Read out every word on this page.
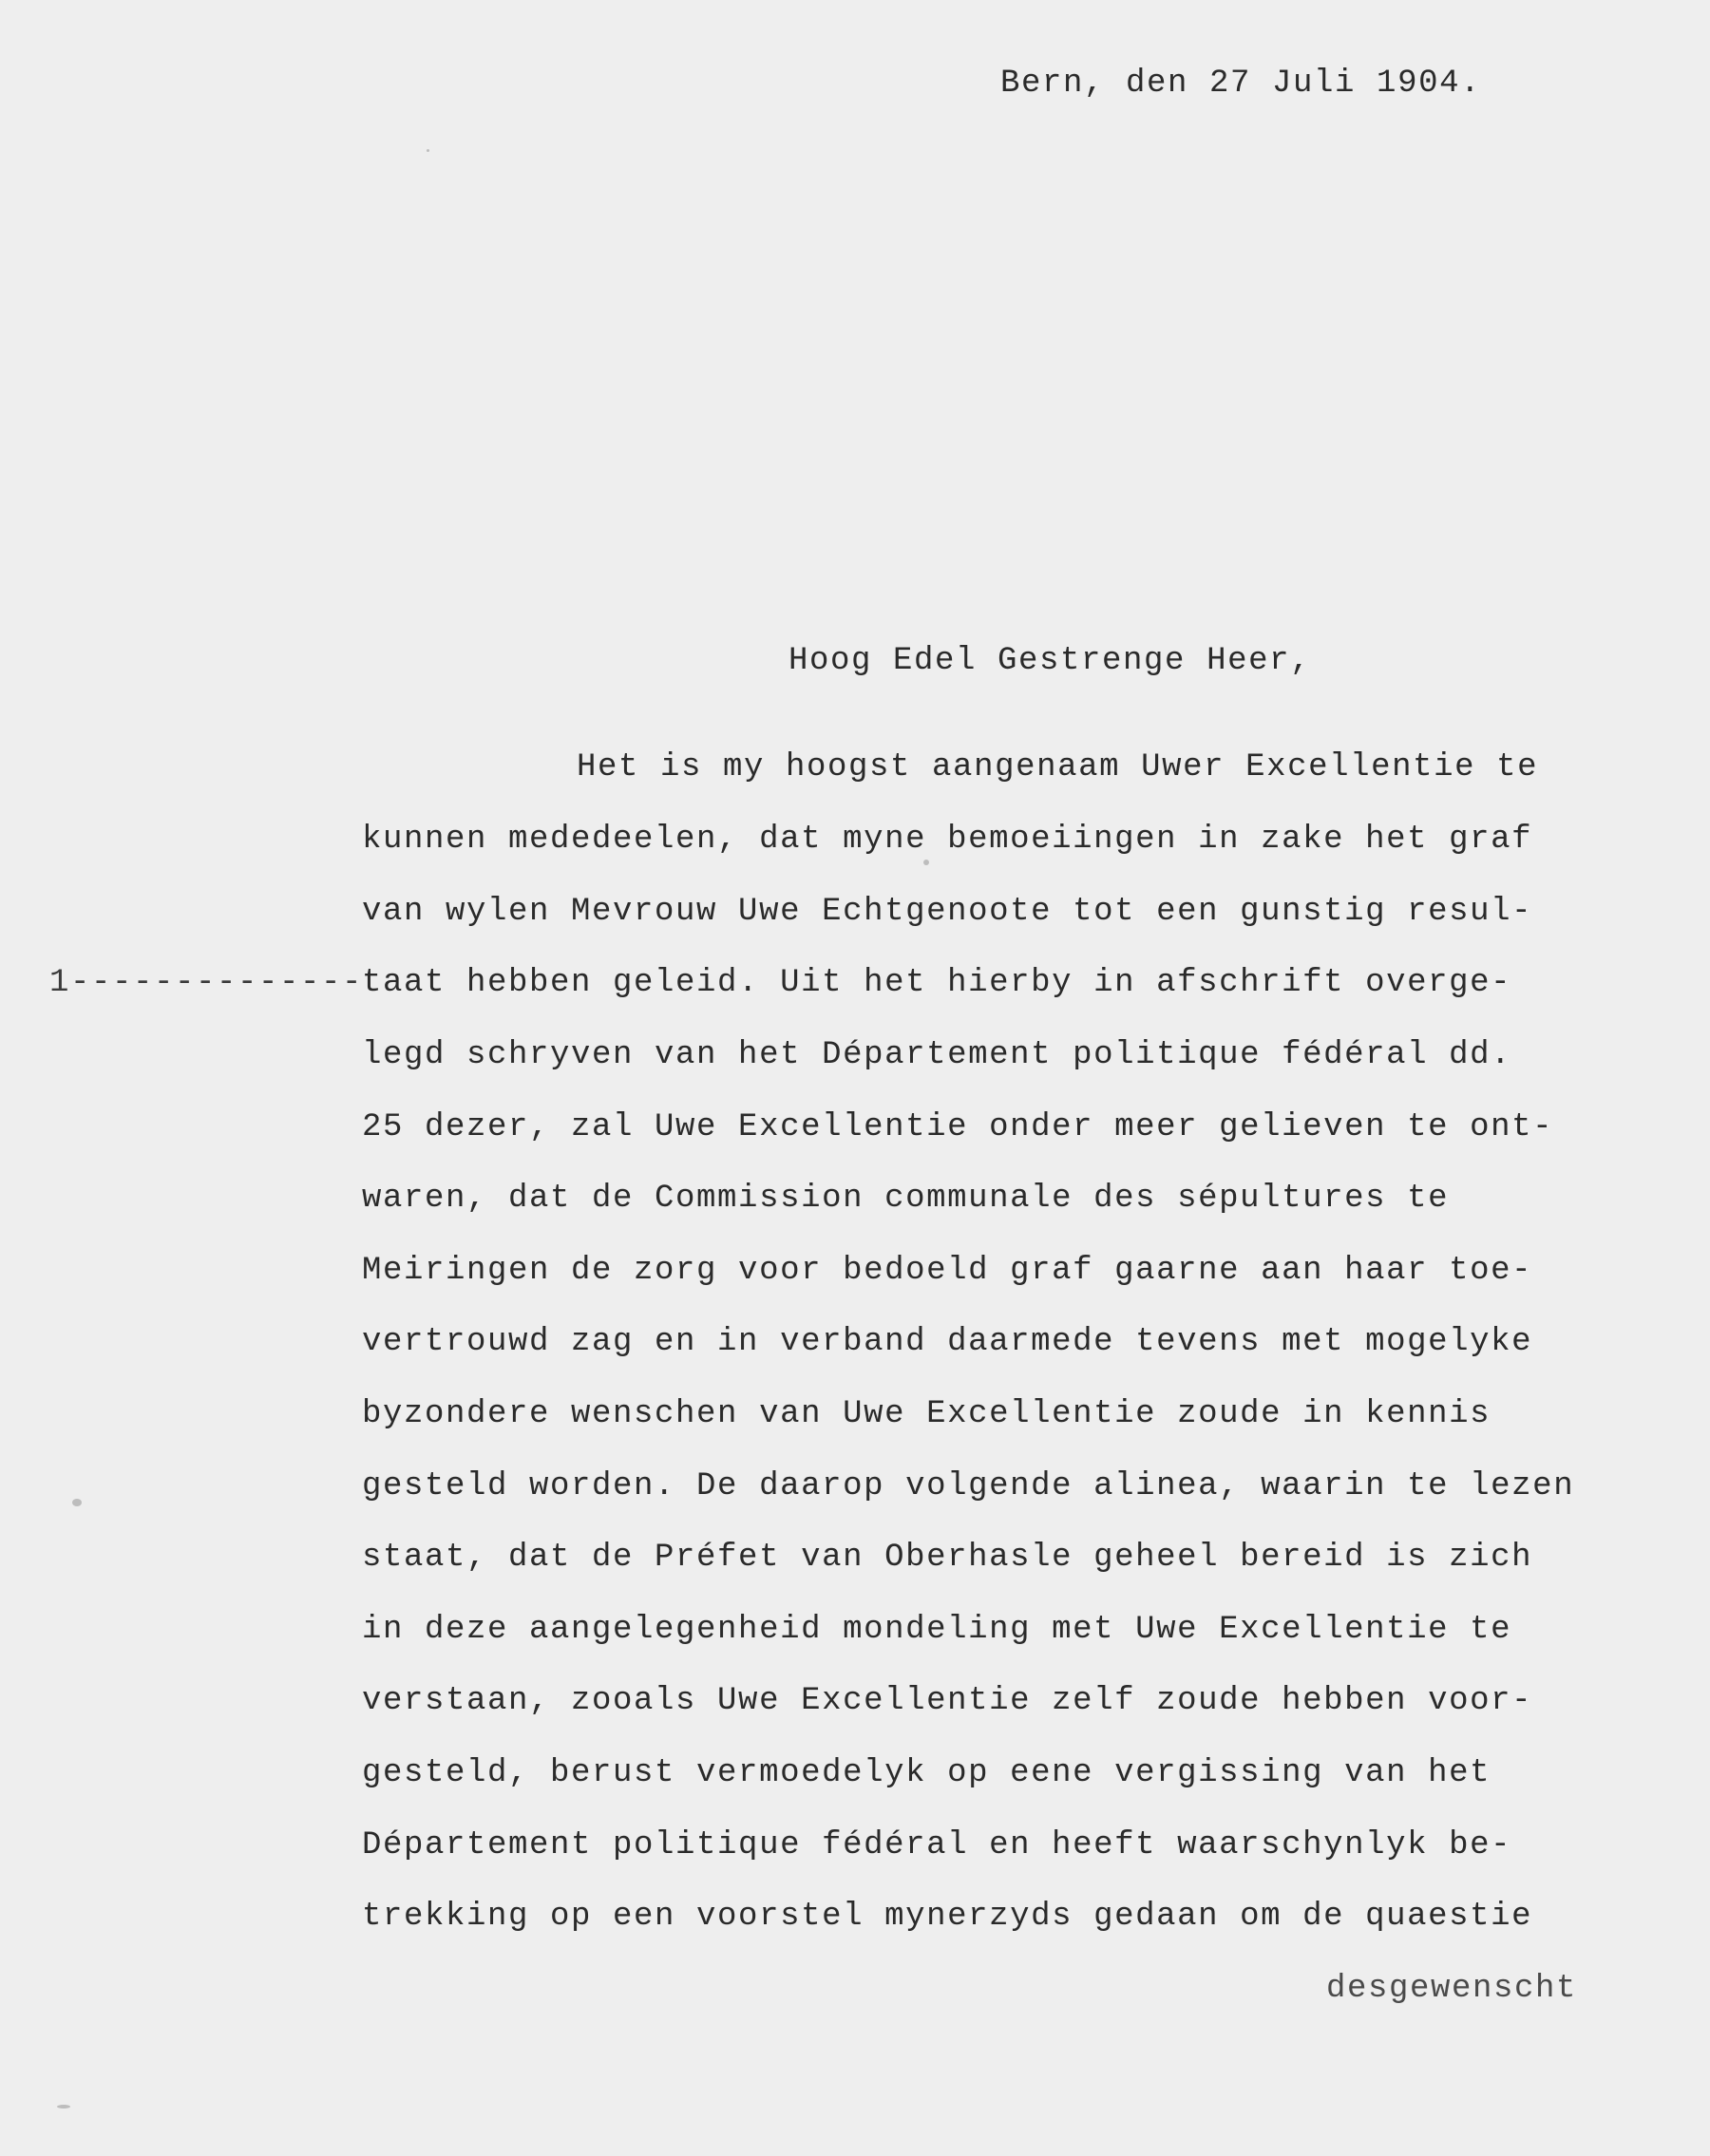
Bern, den 27 Juli 1904.
Hoog Edel Gestrenge Heer,
1--------------
Het is my hoogst aangenaam Uwer Excellentie te
kunnen mededeelen, dat myne bemoeiingen in zake het graf
van wylen Mevrouw Uwe Echtgenoote tot een gunstig resul-
taat hebben geleid. Uit het hierby in afschrift overge-
legd schryven van het Département politique fédéral dd.
25 dezer, zal Uwe Excellentie onder meer gelieven te ont-
waren, dat de Commission communale des sépultures te
Meiringen de zorg voor bedoeld graf gaarne aan haar toe-
vertrouwd zag en in verband daarmede tevens met mogelyke
byzondere wenschen van Uwe Excellentie zoude in kennis
gesteld worden. De daarop volgende alinea, waarin te lezen
staat, dat de Préfet van Oberhasle geheel bereid is zich
in deze aangelegenheid mondeling met Uwe Excellentie te
verstaan, zooals Uwe Excellentie zelf zoude hebben voor-
gesteld, berust vermoedelyk op eene vergissing van het
Département politique fédéral en heeft waarschynlyk be-
trekking op een voorstel mynerzyds gedaan om de quaestie
desgewenscht
